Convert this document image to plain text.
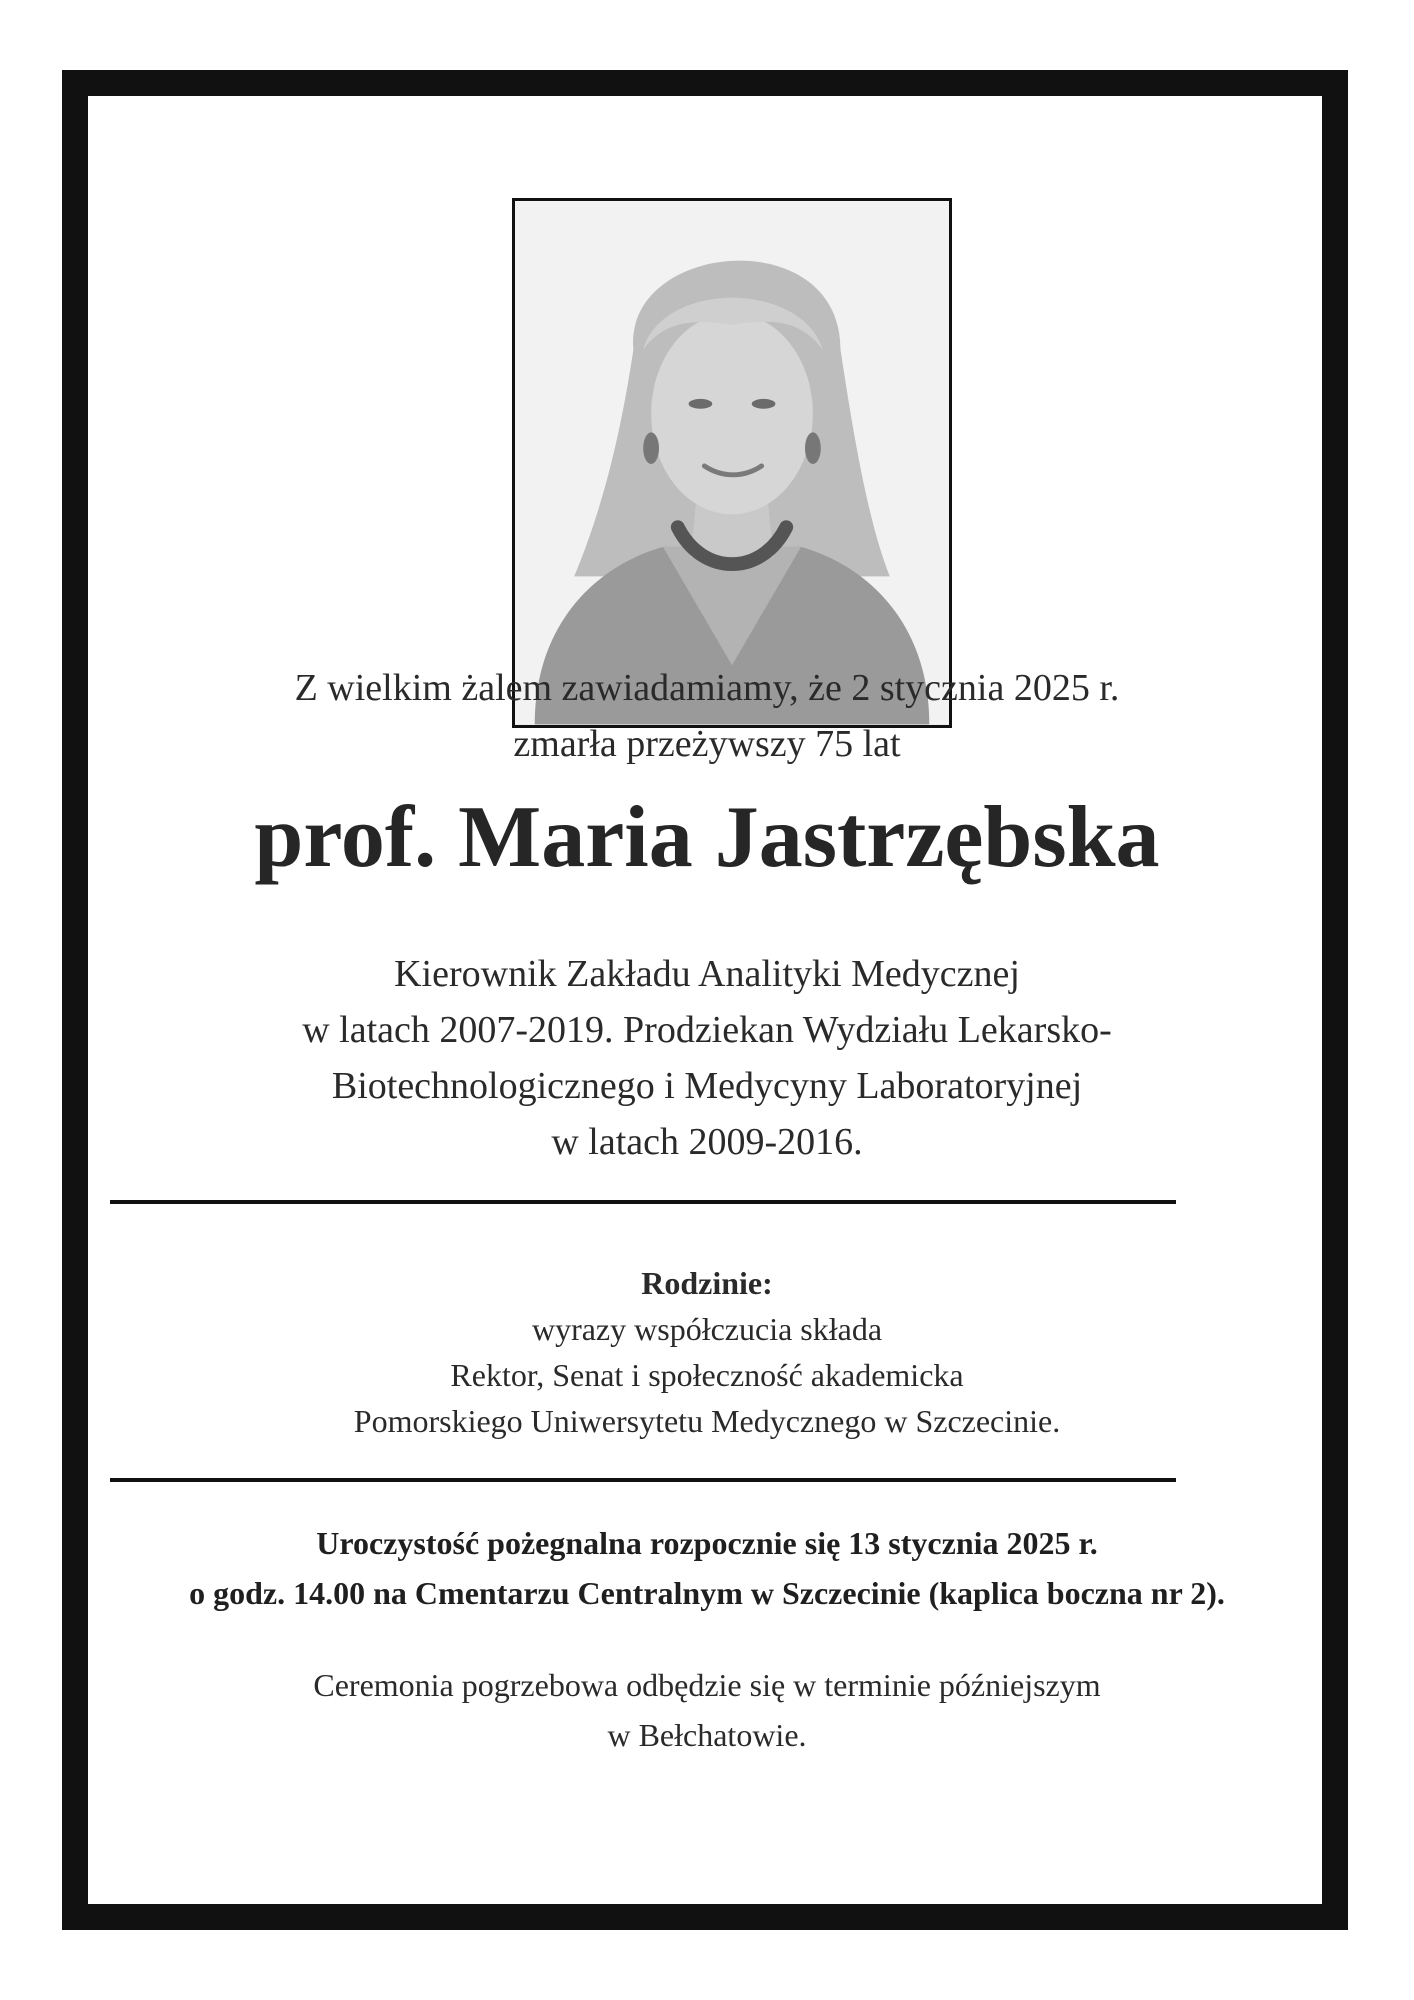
Z wielkim żalem zawiadamiamy, że 2 stycznia 2025 r.
zmarła przeżywszy 75 lat
prof. Maria Jastrzębska
Kierownik Zakładu Analityki Medycznej
w latach 2007-2019. Prodziekan Wydziału Lekarsko-
Biotechnologicznego i Medycyny Laboratoryjnej
w latach 2009-2016.
Rodzinie:
wyrazy współczucia składa
Rektor, Senat i społeczność akademicka
Pomorskiego Uniwersytetu Medycznego w Szczecinie.
Uroczystość pożegnalna rozpocznie się 13 stycznia 2025 r.
o godz. 14.00 na Cmentarzu Centralnym w Szczecinie (kaplica boczna nr 2).
Ceremonia pogrzebowa odbędzie się w terminie późniejszym
w Bełchatowie.
